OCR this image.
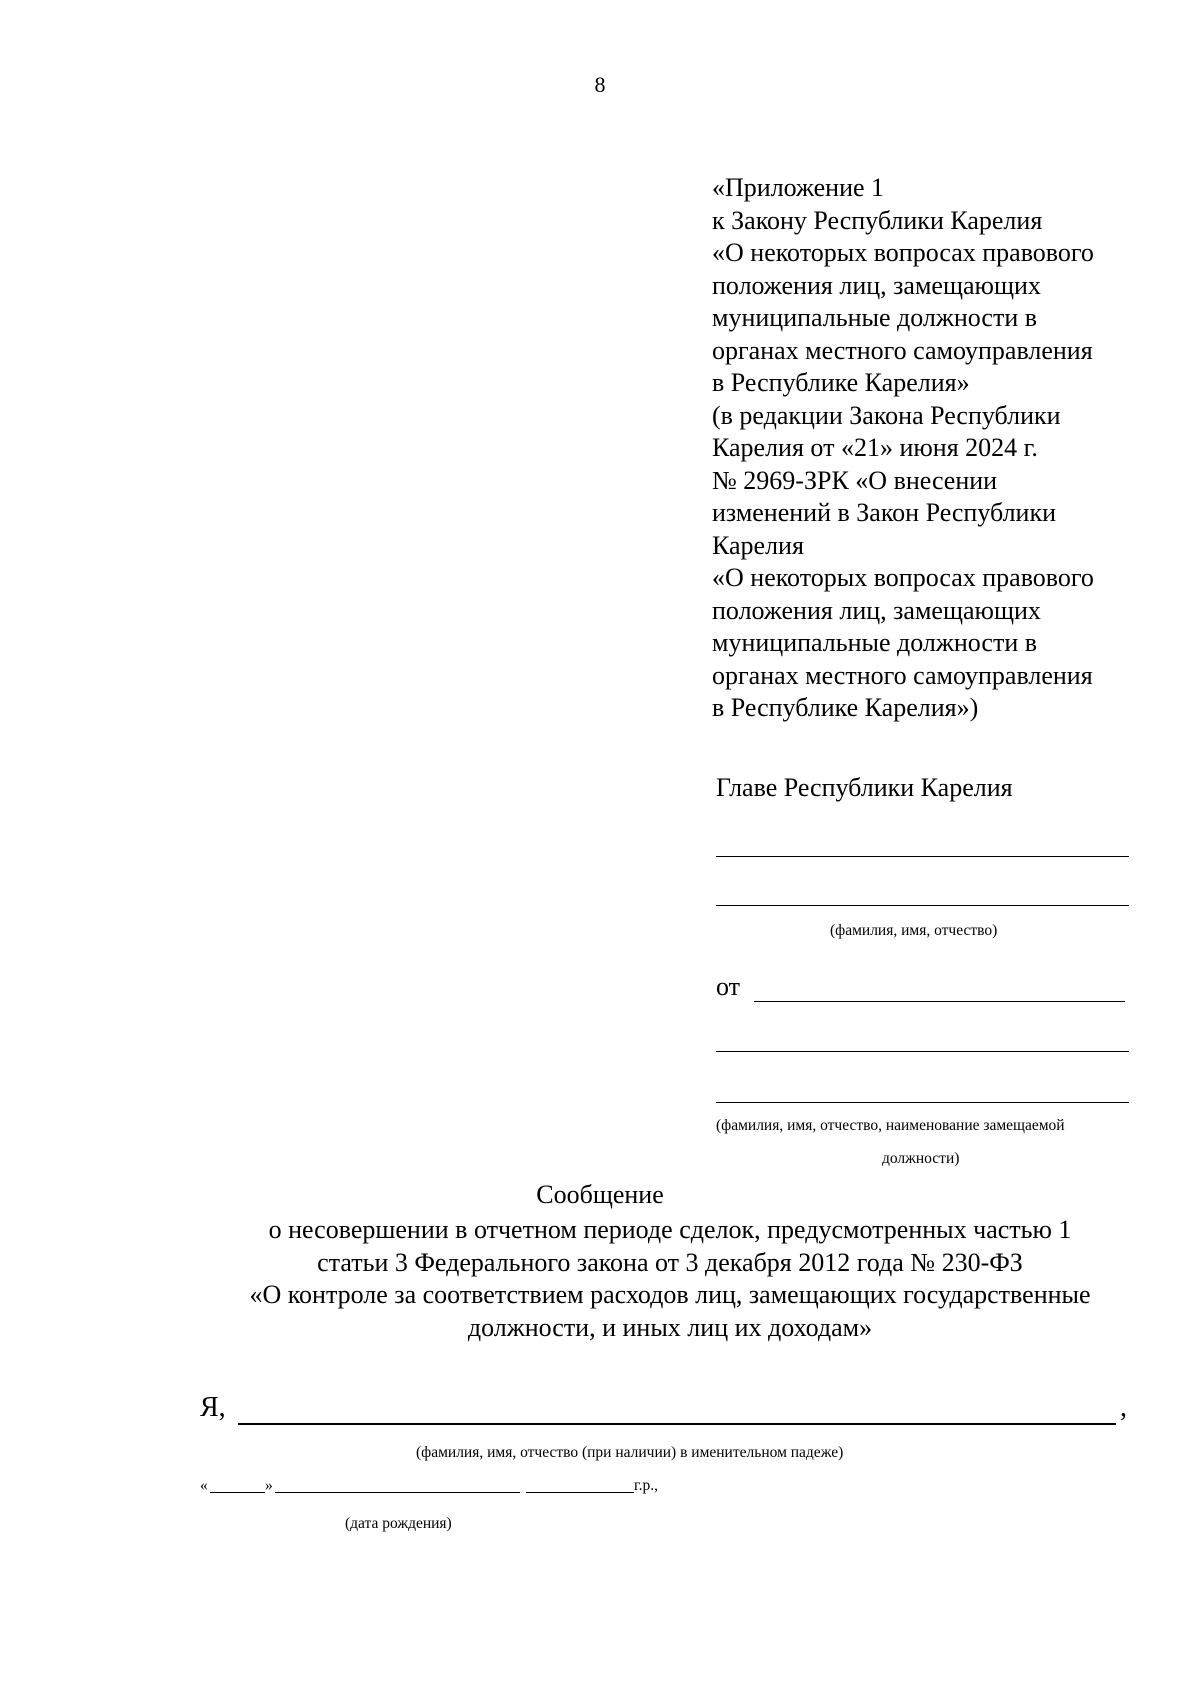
8
«Приложение 1
к Закону Республики Карелия
«О некоторых вопросах правового
положения лиц, замещающих
муниципальные должности в
органах местного самоуправления
в Республике Карелия»
(в редакции Закона Республики
Карелия от «21» июня 2024 г.
№ 2969-ЗРК «О внесении
изменений в Закон Республики
Карелия
«О некоторых вопросах правового
положения лиц, замещающих
муниципальные должности в
органах местного самоуправления
в Республике Карелия»)
Главе Республики Карелия
(фамилия, имя, отчество)
от
(фамилия, имя, отчество, наименование замещаемой
должности)
Сообщение
о несовершении в отчетном периоде сделок, предусмотренных частью 1
статьи 3 Федерального закона от 3 декабря 2012 года № 230-ФЗ
«О контроле за соответствием расходов лиц, замещающих государственные
должности, и иных лиц их доходам»
Я,	,
(фамилия, имя, отчество (при наличии) в именительном падеже)
«	»	г.р.,
(дата рождения)
